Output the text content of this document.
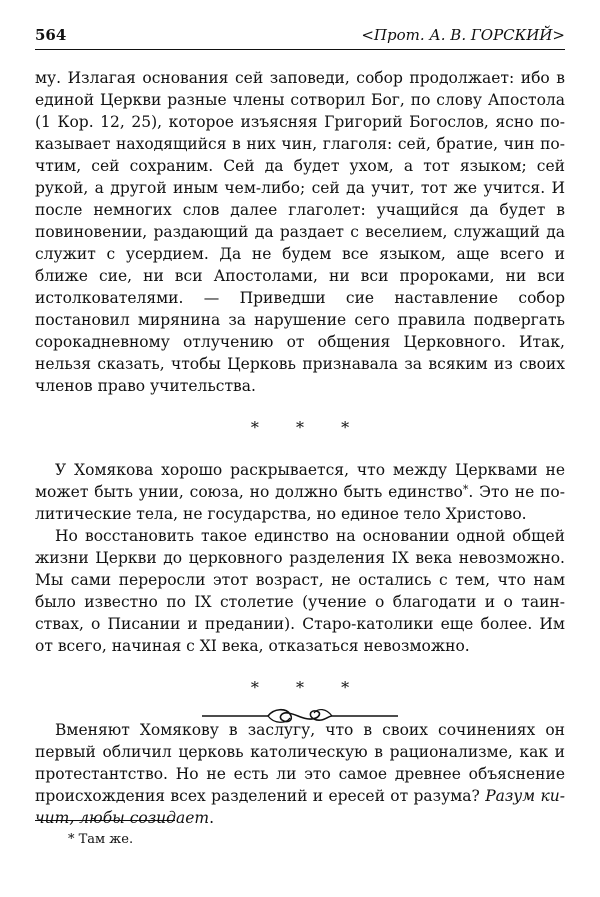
564	<Прот. А. В. ГОРСКИЙ>

му. Излагая основания сей заповеди, собор продолжает: ибо в единой Церкви разные члены сотворил Бог, по слову Апостола (1 Кор. 12, 25), которое изъясняя Григорий Богослов, ясно показывает находящийся в них чин, глаголя: сей, братие, чин почтим, сей сохраним. Сей да будет ухом, а тот языком; сей рукой, а другой иным чем-либо; сей да учит, тот же учится. И после немногих слов далее глаголет: учащийся да будет в повиновении, раздающий да раздает с веселием, служащий да служит с усердием. Да не будем все языком, аще всего и ближе сие, ни вси Апостолами, ни вси пророками, ни вси истолкователями. — Приведши сие наставление собор постановил мирянина за нарушение сего правила подвергать сорокадневному отлучению от общения Церковного. Итак, нельзя сказать, чтобы Церковь признавала за всяким из своих членов право учительства.

* * *

У Хомякова хорошо раскрывается, что между Церквами не может быть унии, союза, но должно быть единство*. Это не политические тела, не государства, но единое тело Христово.

Но восстановить такое единство на основании одной общей жизни Церкви до церковного разделения IX века невозможно. Мы сами переросли этот возраст, не остались с тем, что нам было известно по IX столетие (учение о благодати и о таинствах, о Писании и предании). Старо-католики еще более. Им от всего, начиная с XI века, отказаться невозможно.

* * *

Вменяют Хомякову в заслугу, что в своих сочинениях он первый обличил церковь католическую в рационализме, как и протестантство. Но не есть ли это самое древнее объяснение происхождения всех разделений и ересей от разума? Разум кичит, любы созидает.

* Там же.
